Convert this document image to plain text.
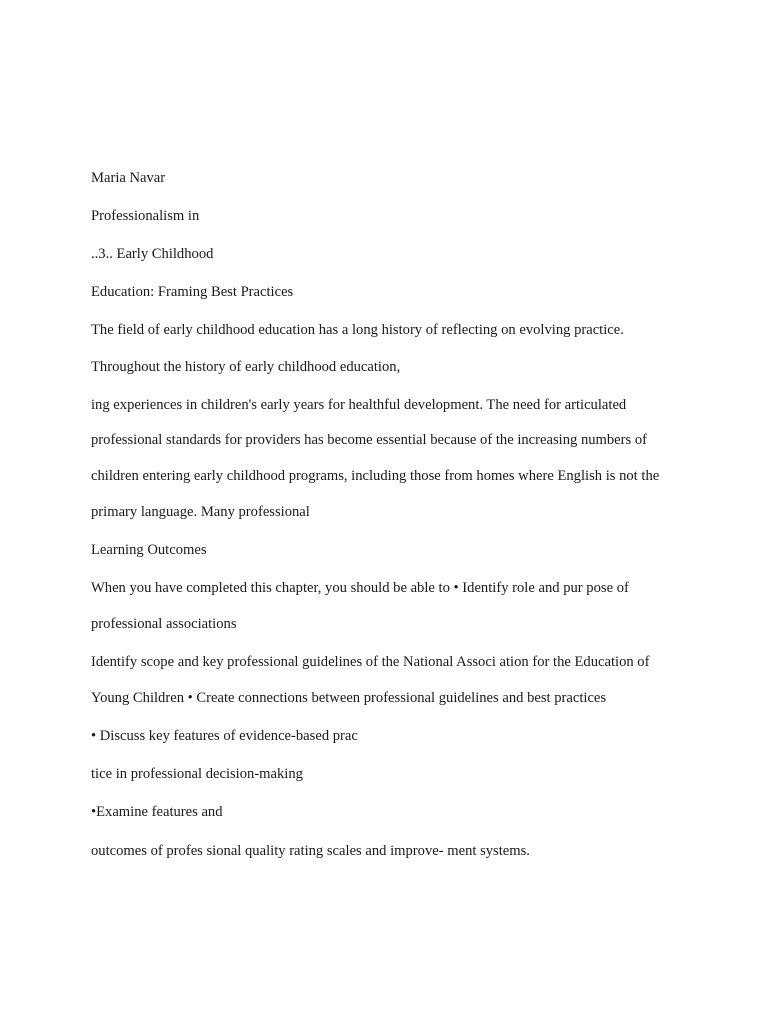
Maria Navar

Professionalism in

..3.. Early Childhood

Education: Framing Best Practices

The field of early childhood education has a long history of reflecting on evolving practice.

Throughout the history of early childhood education,

ing experiences in children's early years for healthful development. The need for articulated

professional standards for providers has become essential because of the increasing numbers of

children entering early childhood programs, including those from homes where English is not the

primary language. Many professional

Learning Outcomes

When you have completed this chapter, you should be able to • Identify role and pur pose of

professional associations

Identify scope and key professional guidelines of the National Associ ation for the Education of

Young Children • Create connections between professional guidelines and best practices

• Discuss key features of evidence-based prac

tice in professional decision-making

•Examine features and

outcomes of profes sional quality rating scales and improve- ment systems.
